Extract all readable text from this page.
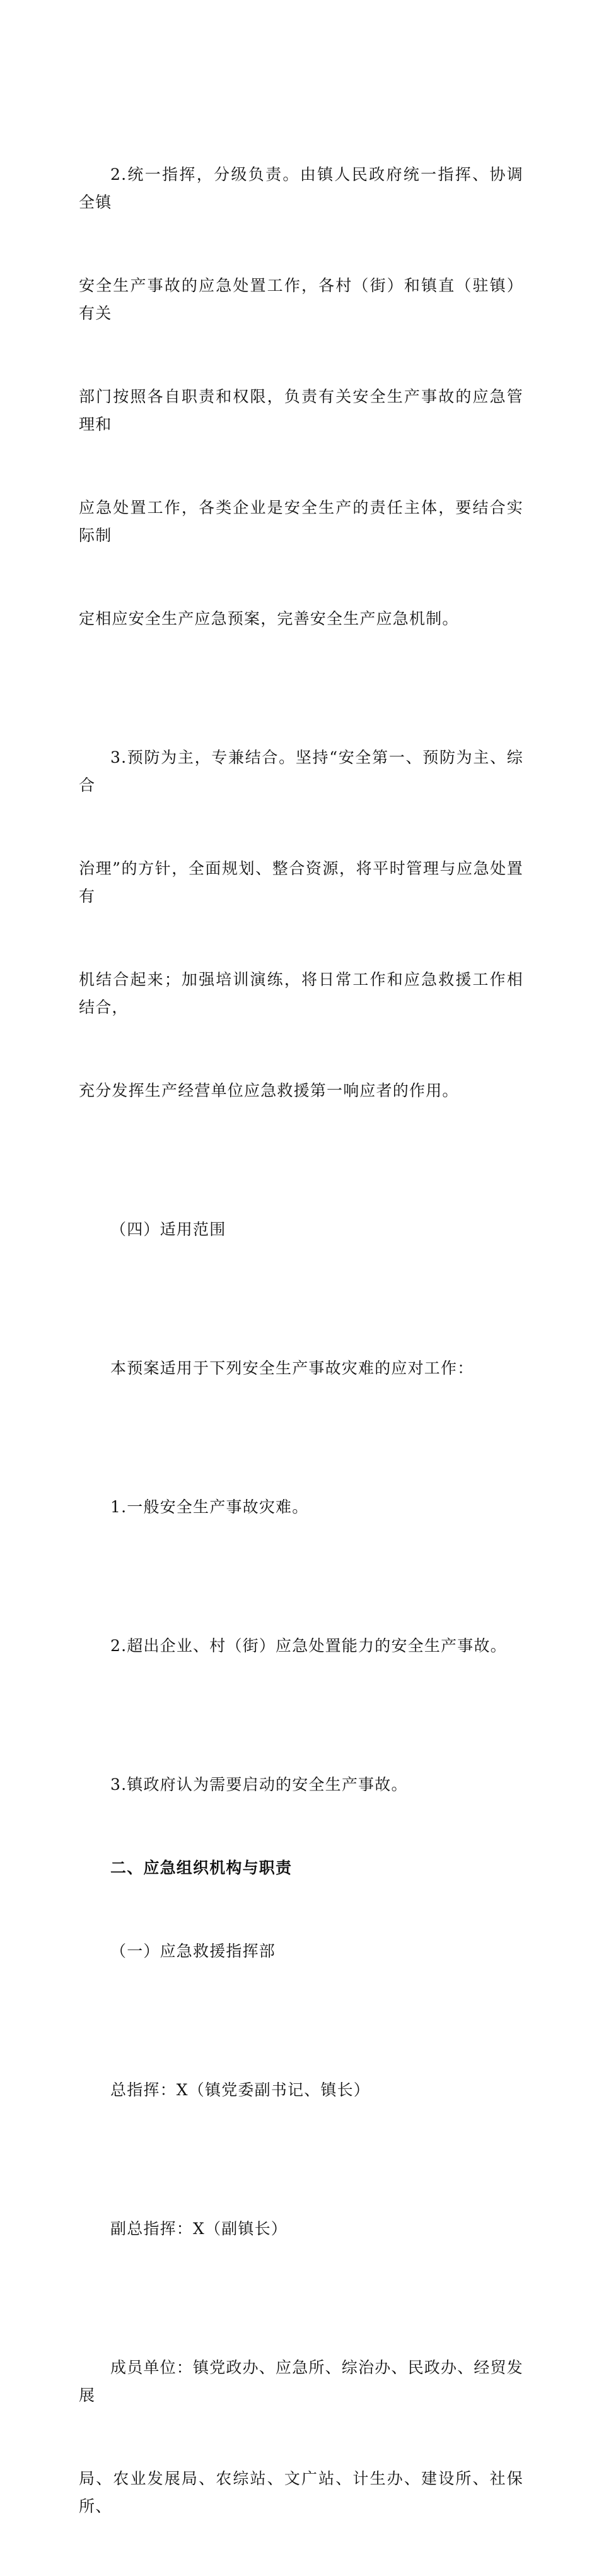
2.统一指挥，分级负责。由镇人民政府统一指挥、协调全镇

安全生产事故的应急处置工作，各村（街）和镇直（驻镇）有关

部门按照各自职责和权限，负责有关安全生产事故的应急管理和

应急处置工作，各类企业是安全生产的责任主体，要结合实际制

定相应安全生产应急预案，完善安全生产应急机制。

3.预防为主，专兼结合。坚持“安全第一、预防为主、综合

治理”的方针，全面规划、整合资源，将平时管理与应急处置有

机结合起来；加强培训演练，将日常工作和应急救援工作相结合，

充分发挥生产经营单位应急救援第一响应者的作用。

（四）适用范围

本预案适用于下列安全生产事故灾难的应对工作：

1.一般安全生产事故灾难。

2.超出企业、村（街）应急处置能力的安全生产事故。

3.镇政府认为需要启动的安全生产事故。

二、应急组织机构与职责

（一）应急救援指挥部

总指挥：X（镇党委副书记、镇长）

副总指挥：X（副镇长）

成员单位：镇党政办、应急所、综治办、民政办、经贸发展

局、农业发展局、农综站、文广站、计生办、建设所、社保所、
